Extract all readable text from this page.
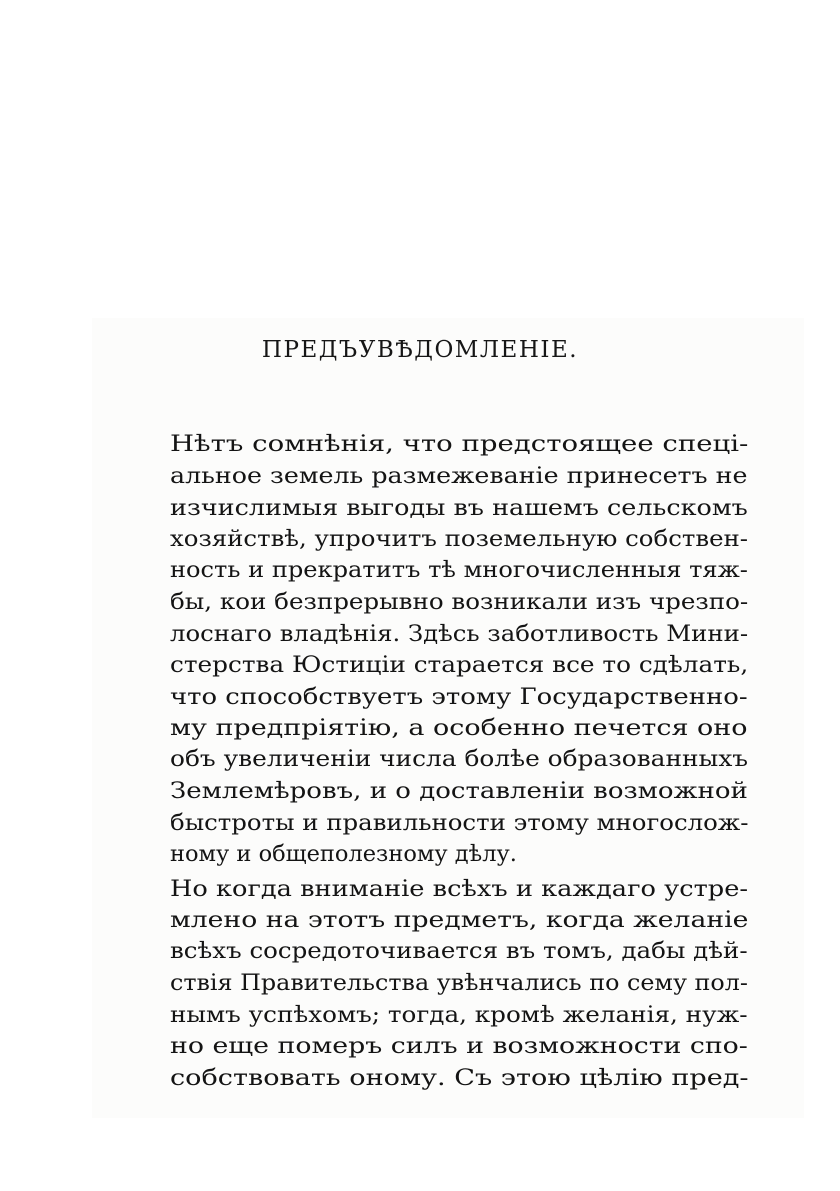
ПРЕДЪУВѢДОМЛЕНІЕ.
Нѣтъ сомнѣнія, что предстоящее спеці-
альное земель размежеваніе принесетъ не
изчислимыя выгоды въ нашемъ сельскомъ
хозяйствѣ, упрочитъ поземельную собствен-
ность и прекратитъ тѣ многочисленныя тяж-
бы, кои безпрерывно возникали изъ чрезпо-
лоснаго владѣнія. Здѣсь заботливость Мини-
стерства Юстиціи старается все то сдѣлать,
что способствуетъ этому Государственно-
му предпріятію, а особенно печется оно
объ увеличеніи числа болѣе образованныхъ
Землемѣровъ, и о доставленіи возможной
быстроты и правильности этому многослож-
ному и общеполезному дѣлу.
Но когда вниманіе всѣхъ и каждаго устре-
млено на этотъ предметъ, когда желаніе
всѣхъ сосредоточивается въ томъ, дабы дѣй-
ствія Правительства увѣнчались по сему пол-
нымъ успѣхомъ; тогда, кромѣ желанія, нуж-
но еще померъ силъ и возможности спо-
собствовать оному. Съ этою цѣлію пред-
